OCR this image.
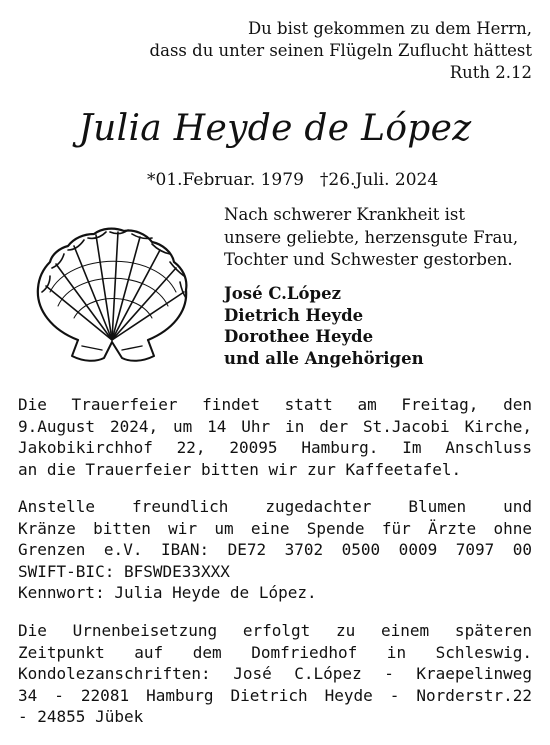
Du bist gekommen zu dem Herrn,
dass du unter seinen Flügeln Zuflucht hättest
Ruth 2.12
Julia Heyde de López
*01.Februar. 1979 †26.Juli. 2024
Nach schwerer Krankheit ist
unsere geliebte, herzensgute Frau,
Tochter und Schwester gestorben.
José C.López
Dietrich Heyde
Dorothee Heyde
und alle Angehörigen
Die Trauerfeier findet statt am Freitag, den
9.August 2024, um 14 Uhr in der St.Jacobi Kirche,
Jakobikirchhof 22, 20095 Hamburg. Im Anschluss
an die Trauerfeier bitten wir zur Kaffeetafel.
Anstelle freundlich zugedachter Blumen und
Kränze bitten wir um eine Spende für Ärzte ohne
Grenzen e.V. IBAN: DE72 3702 0500 0009 7097 00
SWIFT-BIC: BFSWDE33XXX
Kennwort: Julia Heyde de López.
Die Urnenbeisetzung erfolgt zu einem späteren
Zeitpunkt auf dem Domfriedhof in Schleswig.
Kondolezanschriften: José C.López - Kraepelinweg
34 - 22081 Hamburg Dietrich Heyde - Norderstr.22
- 24855 Jübek
